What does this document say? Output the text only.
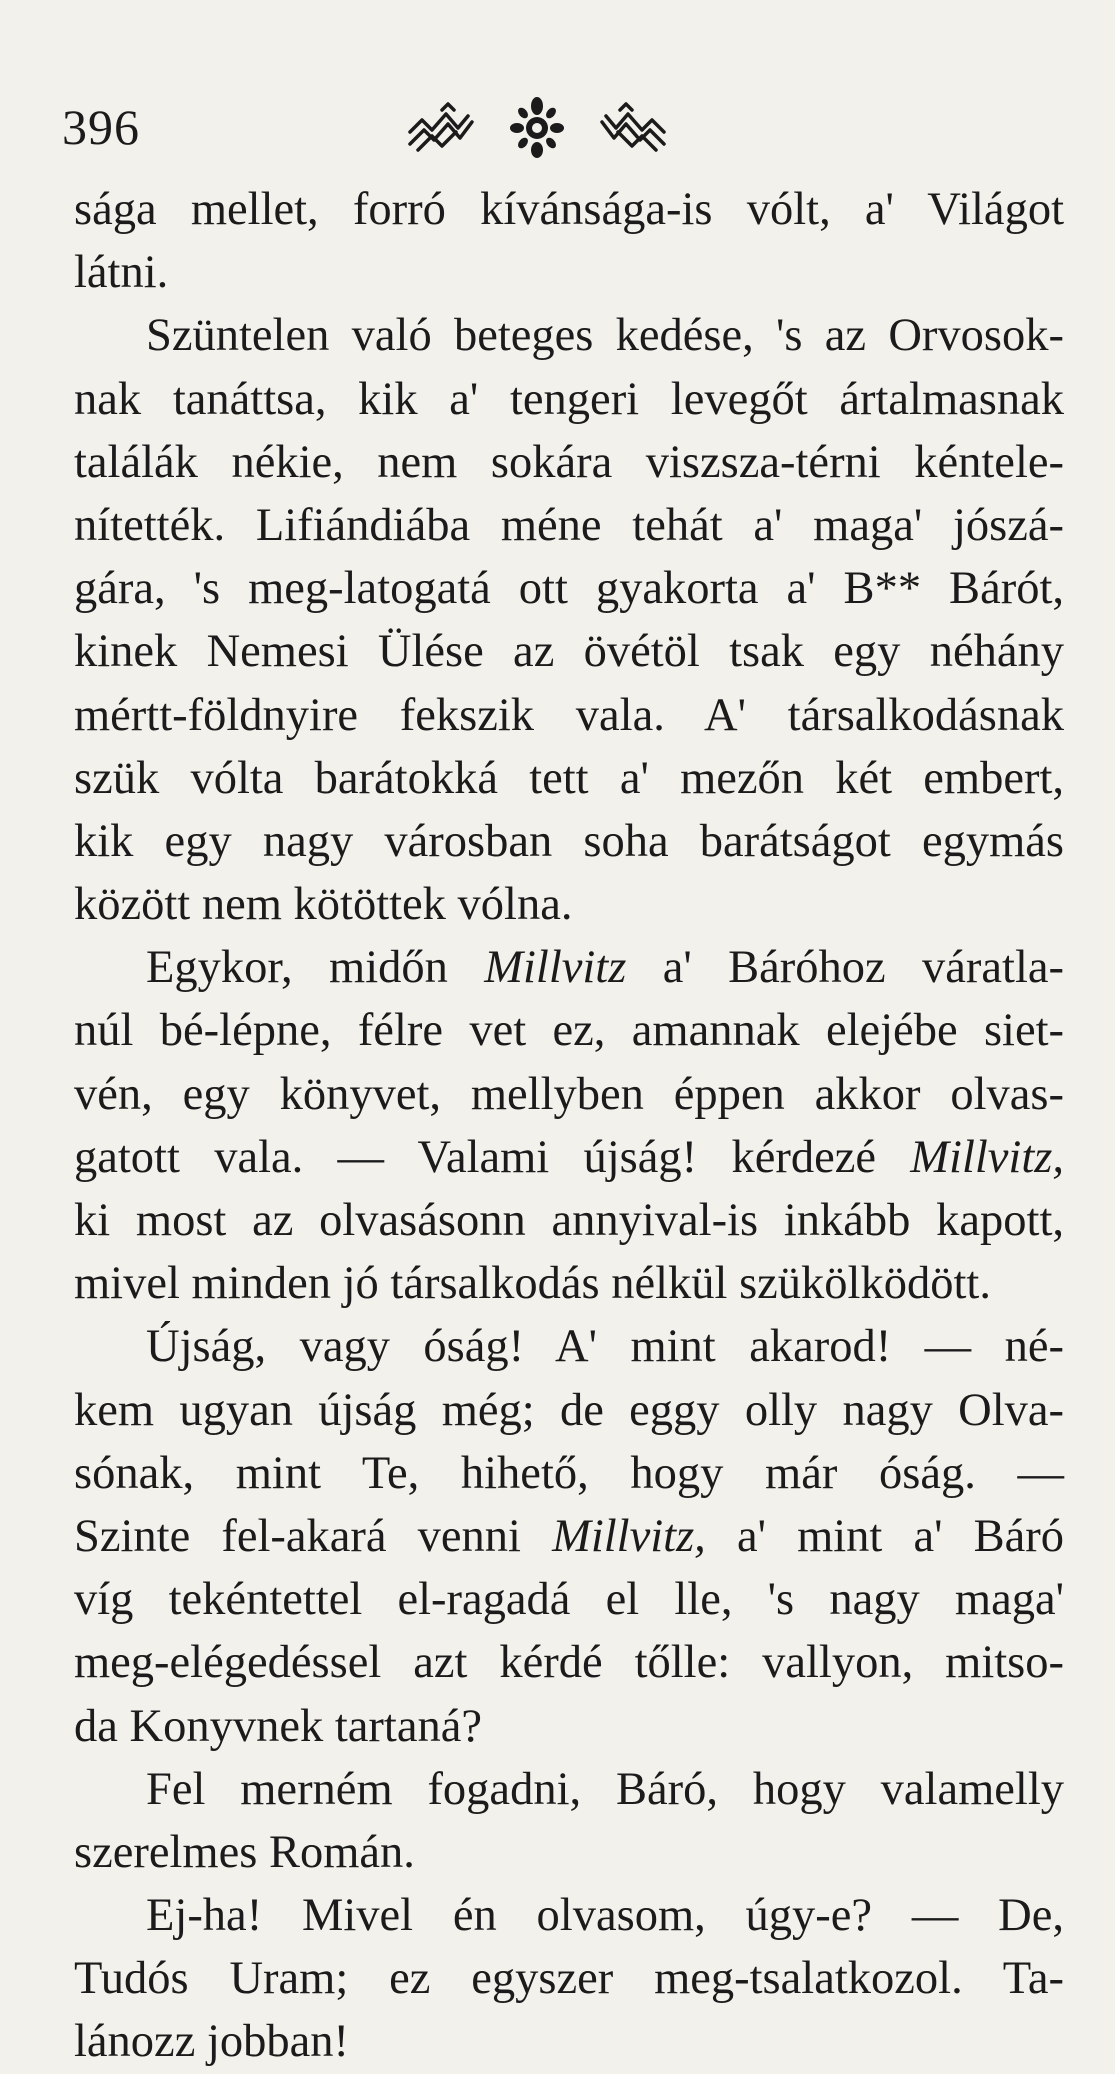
396
sága mellet, forró kívánsága-is vólt, a' Világot
látni.
Szüntelen való beteges kedése, 's az Orvosok-
nak tanáttsa, kik a' tengeri levegőt ártalmasnak
találák nékie, nem sokára viszsza-térni kéntele-
nítették. Lifiándiába méne tehát a' maga' jószá-
gára, 's meg-latogatá ott gyakorta a' B** Bárót,
kinek Nemesi Ülése az övétöl tsak egy néhány
mértt-földnyire fekszik vala. A' társalkodásnak
szük vólta barátokká tett a' mezőn két embert,
kik egy nagy városban soha barátságot egymás
között nem kötöttek vólna.
Egykor, midőn Millvitz a' Báróhoz váratla-
núl bé-lépne, félre vet ez, amannak elejébe siet-
vén, egy könyvet, mellyben éppen akkor olvas-
gatott vala. — Valami újság! kérdezé Millvitz,
ki most az olvasásonn annyival-is inkább kapott,
mivel minden jó társalkodás nélkül szükölködött.
Újság, vagy óság! A' mint akarod! — né-
kem ugyan újság még; de eggy olly nagy Olva-
sónak, mint Te, hihető, hogy már óság. —
Szinte fel-akará venni Millvitz, a' mint a' Báró
víg tekéntettel el-ragadá el lle, 's nagy maga'
meg-elégedéssel azt kérdé tőlle: vallyon, mitso-
da Konyvnek tartaná?
Fel merném fogadni, Báró, hogy valamelly
szerelmes Román.
Ej-ha! Mivel én olvasom, úgy-e? — De,
Tudós Uram; ez egyszer meg-tsalatkozol. Ta-
lánozz jobban!
